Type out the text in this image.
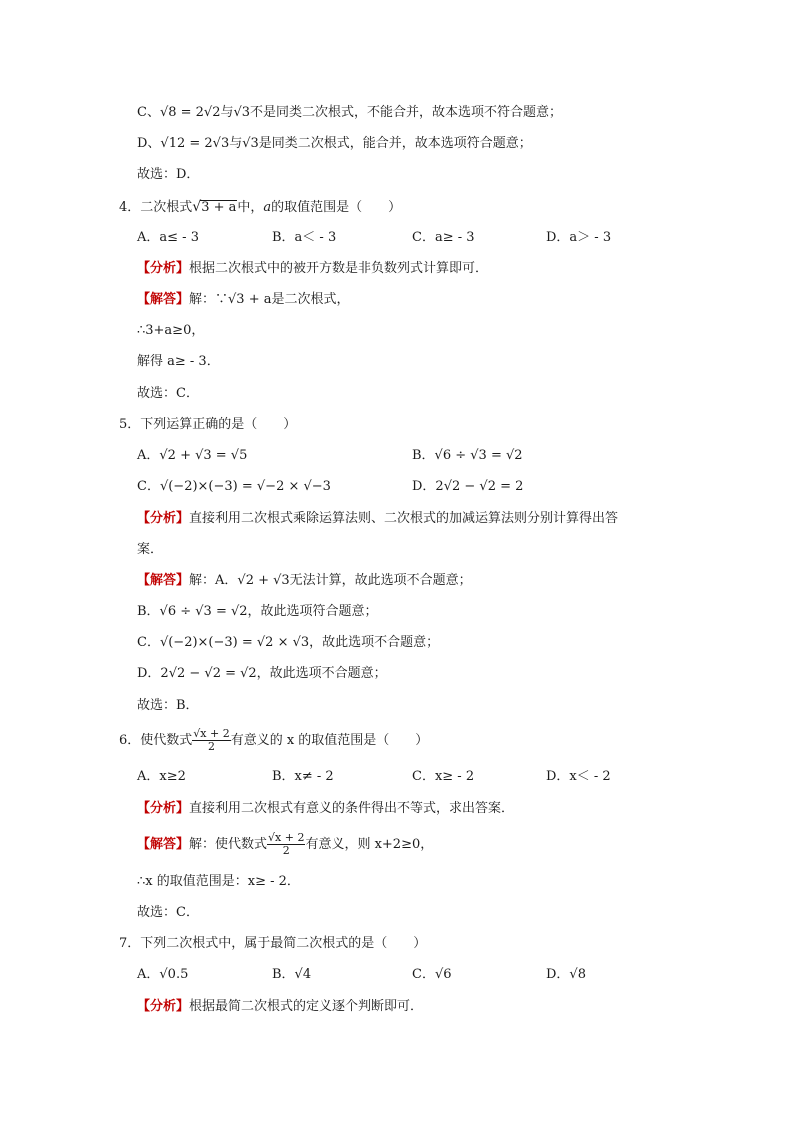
C、√8 = 2√2与√3不是同类二次根式，不能合并，故本选项不符合题意；
D、√12 = 2√3与√3是同类二次根式，能合并，故本选项符合题意；
故选：D．
4．二次根式√3 + a中，a的取值范围是（　　）
A．a≤ - 3	B．a＜ - 3	C．a≥ - 3	D．a＞ - 3
【分析】根据二次根式中的被开方数是非负数列式计算即可．
【解答】解：∵√3 + a是二次根式，
∴3+a≥0，
解得 a≥ - 3．
故选：C．
5．下列运算正确的是（　　）
A．√2 + √3 = √5	B．√6 ÷ √3 = √2
C．√(−2)×(−3) = √−2 × √−3	D．2√2 − √2 = 2
【分析】直接利用二次根式乘除运算法则、二次根式的加减运算法则分别计算得出答
案．
【解答】解：A．√2 + √3无法计算，故此选项不合题意；
B．√6 ÷ √3 = √2，故此选项符合题意；
C．√(−2)×(−3) = √2 × √3，故此选项不合题意；
D．2√2 − √2 = √2，故此选项不合题意；
故选：B．
6．使代数式 $\frac{√x + 2}{2}$ 有意义的 x 的取值范围是（　　）
A．x≥2	B．x≠ - 2	C．x≥ - 2	D．x＜ - 2
【分析】直接利用二次根式有意义的条件得出不等式，求出答案．
【解答】解：使代数式 $\frac{√x + 2}{2}$ 有意义，则 x+2≥0，
∴x 的取值范围是：x≥ - 2．
故选：C．
7．下列二次根式中，属于最简二次根式的是（　　）
A．√0.5	B．√4	C．√6	D．√8
【分析】根据最简二次根式的定义逐个判断即可．
